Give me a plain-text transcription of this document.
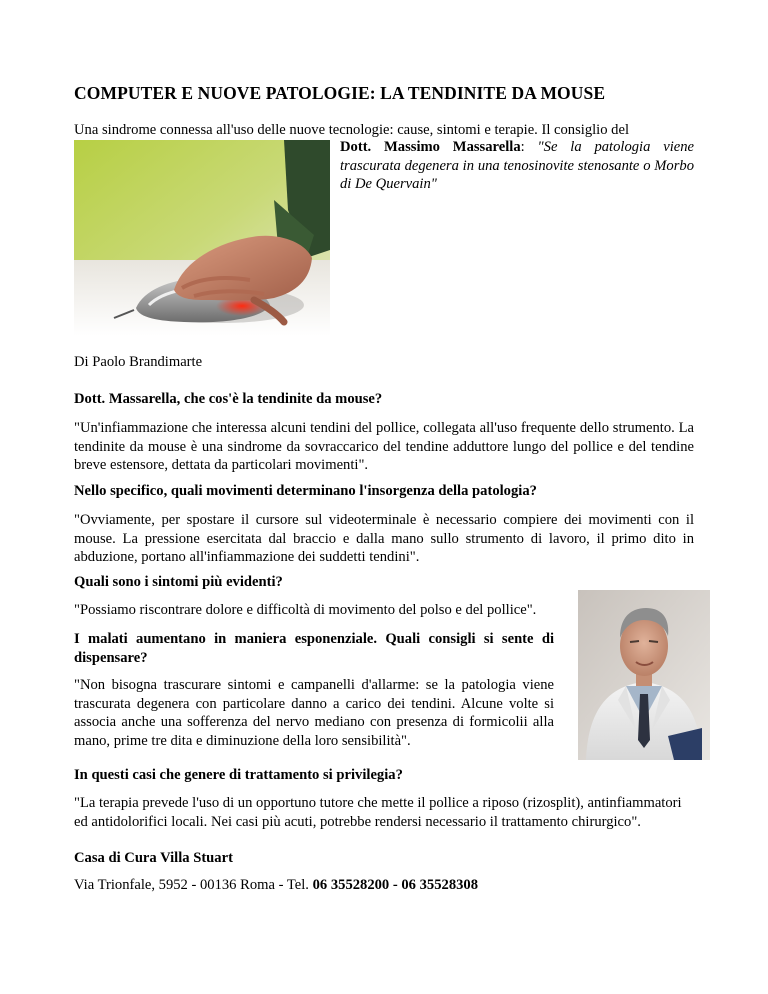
COMPUTER E NUOVE PATOLOGIE: LA TENDINITE DA MOUSE

Una sindrome connessa all'uso delle nuove tecnologie: cause, sintomi e terapie. Il consiglio del

Dott. Massimo Massarella: "Se la patologia viene trascurata degenera in una tenosinovite stenosante o Morbo di De Quervain"

Di Paolo Brandimarte

Dott. Massarella, che cos'è la tendinite da mouse?

"Un'infiammazione che interessa alcuni tendini del pollice, collegata all'uso frequente dello strumento. La tendinite da mouse è una sindrome da sovraccarico del tendine adduttore lungo del pollice e del tendine breve estensore, dettata da particolari movimenti".

Nello specifico, quali movimenti determinano l'insorgenza della patologia?

"Ovviamente, per spostare il cursore sul videoterminale è necessario compiere dei movimenti con il mouse. La pressione esercitata dal braccio e dalla mano sullo strumento di lavoro, il primo dito in abduzione, portano all'infiammazione dei suddetti tendini".

Quali sono i sintomi più evidenti?

"Possiamo riscontrare dolore e difficoltà di movimento del polso e del pollice".

I malati aumentano in maniera esponenziale. Quali consigli si sente di dispensare?

"Non bisogna trascurare sintomi e campanelli d'allarme: se la patologia viene trascurata degenera con particolare danno a carico dei tendini. Alcune volte si associa anche una sofferenza del nervo mediano con presenza di formicolii alla mano, prime tre dita e diminuzione della loro sensibilità".

In questi casi che genere di trattamento si privilegia?

"La terapia prevede l'uso di un opportuno tutore che mette il pollice a riposo (rizosplit), antinfiammatori ed antidolorifici locali. Nei casi più acuti, potrebbe rendersi necessario il trattamento chirurgico".

Casa di Cura Villa Stuart

Via Trionfale, 5952 - 00136 Roma - Tel. 06 35528200 - 06 35528308
